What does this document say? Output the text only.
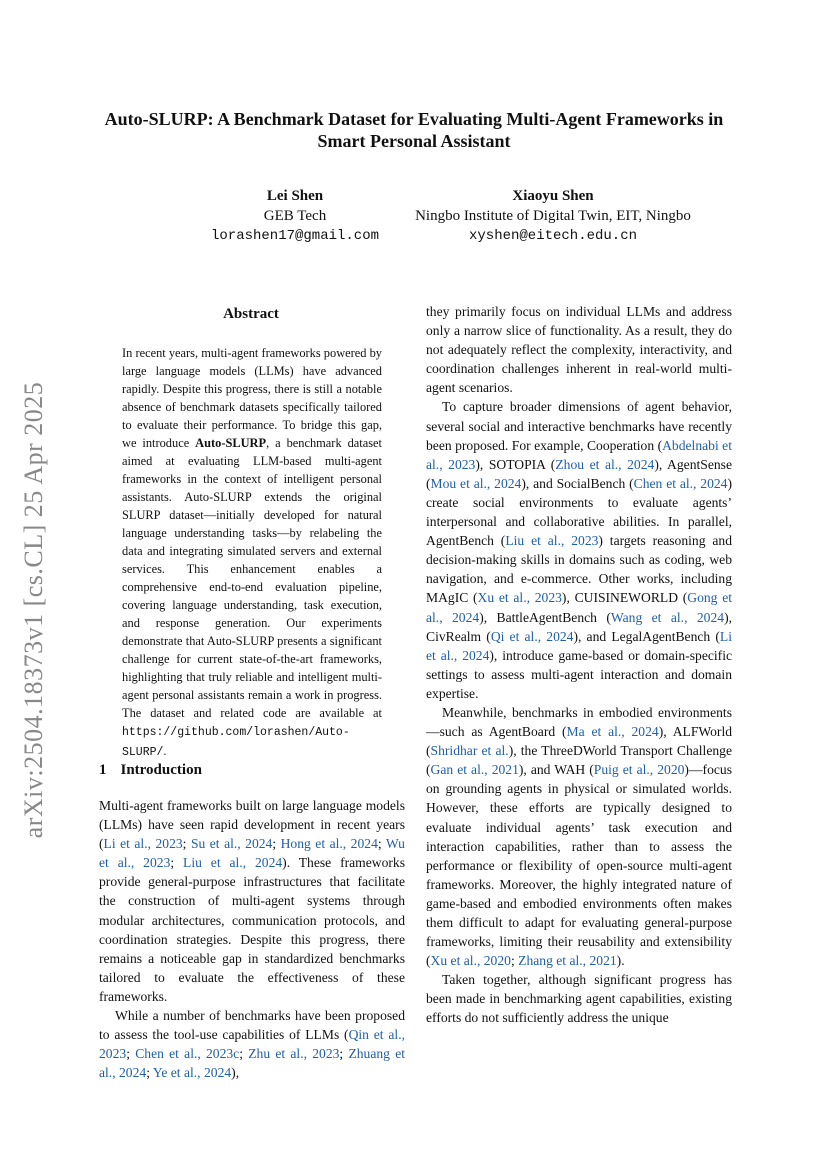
arXiv:2504.18373v1 [cs.CL] 25 Apr 2025
Auto-SLURP: A Benchmark Dataset for Evaluating Multi-Agent Frameworks in Smart Personal Assistant
Lei Shen
GEB Tech
lorashen17@gmail.com
Xiaoyu Shen
Ningbo Institute of Digital Twin, EIT, Ningbo
xyshen@eitech.edu.cn
Abstract
In recent years, multi-agent frameworks powered by large language models (LLMs) have advanced rapidly. Despite this progress, there is still a notable absence of benchmark datasets specifically tailored to evaluate their performance. To bridge this gap, we introduce Auto-SLURP, a benchmark dataset aimed at evaluating LLM-based multi-agent frameworks in the context of intelligent personal assistants. Auto-SLURP extends the original SLURP dataset—initially developed for natural language understanding tasks—by relabeling the data and integrating simulated servers and external services. This enhancement enables a comprehensive end-to-end evaluation pipeline, covering language understanding, task execution, and response generation. Our experiments demonstrate that Auto-SLURP presents a significant challenge for current state-of-the-art frameworks, highlighting that truly reliable and intelligent multi-agent personal assistants remain a work in progress. The dataset and related code are available at https://github.com/lorashen/Auto-SLURP/.
1 Introduction

Multi-agent frameworks built on large language models (LLMs) have seen rapid development in recent years (Li et al., 2023; Su et al., 2024; Hong et al., 2024; Wu et al., 2023; Liu et al., 2024). These frameworks provide general-purpose infrastructures that facilitate the construction of multi-agent systems through modular architectures, communication protocols, and coordination strategies. Despite this progress, there remains a noticeable gap in standardized benchmarks tailored to evaluate the effectiveness of these frameworks.

While a number of benchmarks have been proposed to assess the tool-use capabilities of LLMs (Qin et al., 2023; Chen et al., 2023c; Zhu et al., 2023; Zhuang et al., 2024; Ye et al., 2024),

they primarily focus on individual LLMs and address only a narrow slice of functionality. As a result, they do not adequately reflect the complexity, interactivity, and coordination challenges inherent in real-world multi-agent scenarios.

To capture broader dimensions of agent behavior, several social and interactive benchmarks have recently been proposed. For example, Cooperation (Abdelnabi et al., 2023), SOTOPIA (Zhou et al., 2024), AgentSense (Mou et al., 2024), and SocialBench (Chen et al., 2024) create social environments to evaluate agents’ interpersonal and collaborative abilities. In parallel, AgentBench (Liu et al., 2023) targets reasoning and decision-making skills in domains such as coding, web navigation, and e-commerce. Other works, including MAgIC (Xu et al., 2023), CUISINEWORLD (Gong et al., 2024), BattleAgentBench (Wang et al., 2024), CivRealm (Qi et al., 2024), and LegalAgentBench (Li et al., 2024), introduce game-based or domain-specific settings to assess multi-agent interaction and domain expertise.

Meanwhile, benchmarks in embodied environments—such as AgentBoard (Ma et al., 2024), ALFWorld (Shridhar et al.), the ThreeDWorld Transport Challenge (Gan et al., 2021), and WAH (Puig et al., 2020)—focus on grounding agents in physical or simulated worlds. However, these efforts are typically designed to evaluate individual agents’ task execution and interaction capabilities, rather than to assess the performance or flexibility of open-source multi-agent frameworks. Moreover, the highly integrated nature of game-based and embodied environments often makes them difficult to adapt for evaluating general-purpose frameworks, limiting their reusability and extensibility (Xu et al., 2020; Zhang et al., 2021).

Taken together, although significant progress has been made in benchmarking agent capabilities, existing efforts do not sufficiently address the unique
